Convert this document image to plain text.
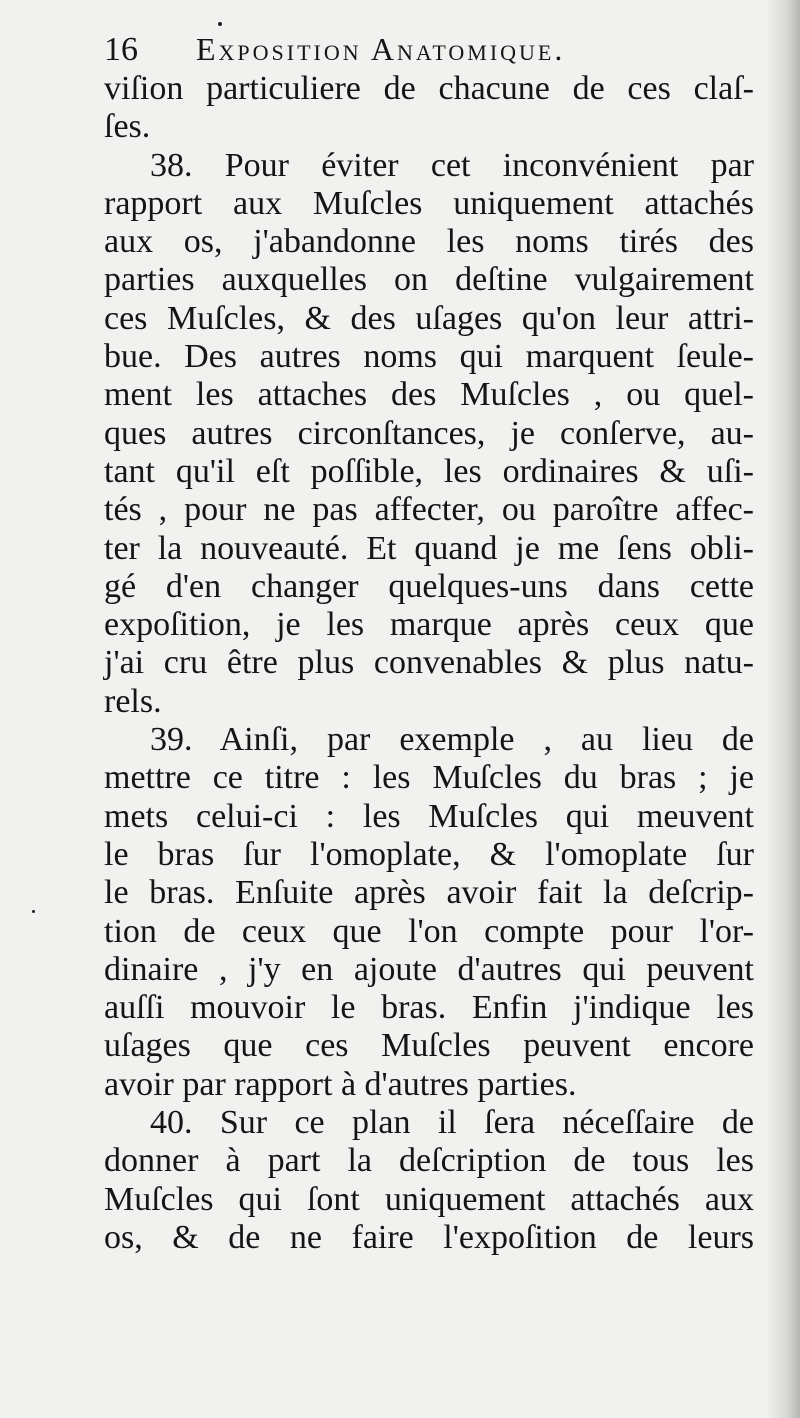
16	Exposition Anatomique.
viſion particuliere de chacune de ces claſ-
ſes.
38. Pour éviter cet inconvénient par
rapport aux Muſcles uniquement attachés
aux os, j'abandonne les noms tirés des
parties auxquelles on deſtine vulgairement
ces Muſcles, & des uſages qu'on leur attri-
bue. Des autres noms qui marquent ſeule-
ment les attaches des Muſcles , ou quel-
ques autres circonſtances, je conſerve, au-
tant qu'il eſt poſſible, les ordinaires & uſi-
tés , pour ne pas affecter, ou paroître affec-
ter la nouveauté. Et quand je me ſens obli-
gé d'en changer quelques-uns dans cette
expoſition, je les marque après ceux que
j'ai cru être plus convenables & plus natu-
rels.
39. Ainſi, par exemple , au lieu de
mettre ce titre : les Muſcles du bras ; je
mets celui-ci : les Muſcles qui meuvent
le bras ſur l'omoplate, & l'omoplate ſur
le bras. Enſuite après avoir fait la deſcrip-
tion de ceux que l'on compte pour l'or-
dinaire , j'y en ajoute d'autres qui peuvent
auſſi mouvoir le bras. Enfin j'indique les
uſages que ces Muſcles peuvent encore
avoir par rapport à d'autres parties.
40. Sur ce plan il ſera néceſſaire de
donner à part la deſcription de tous les
Muſcles qui ſont uniquement attachés aux
os, & de ne faire l'expoſition de leurs
